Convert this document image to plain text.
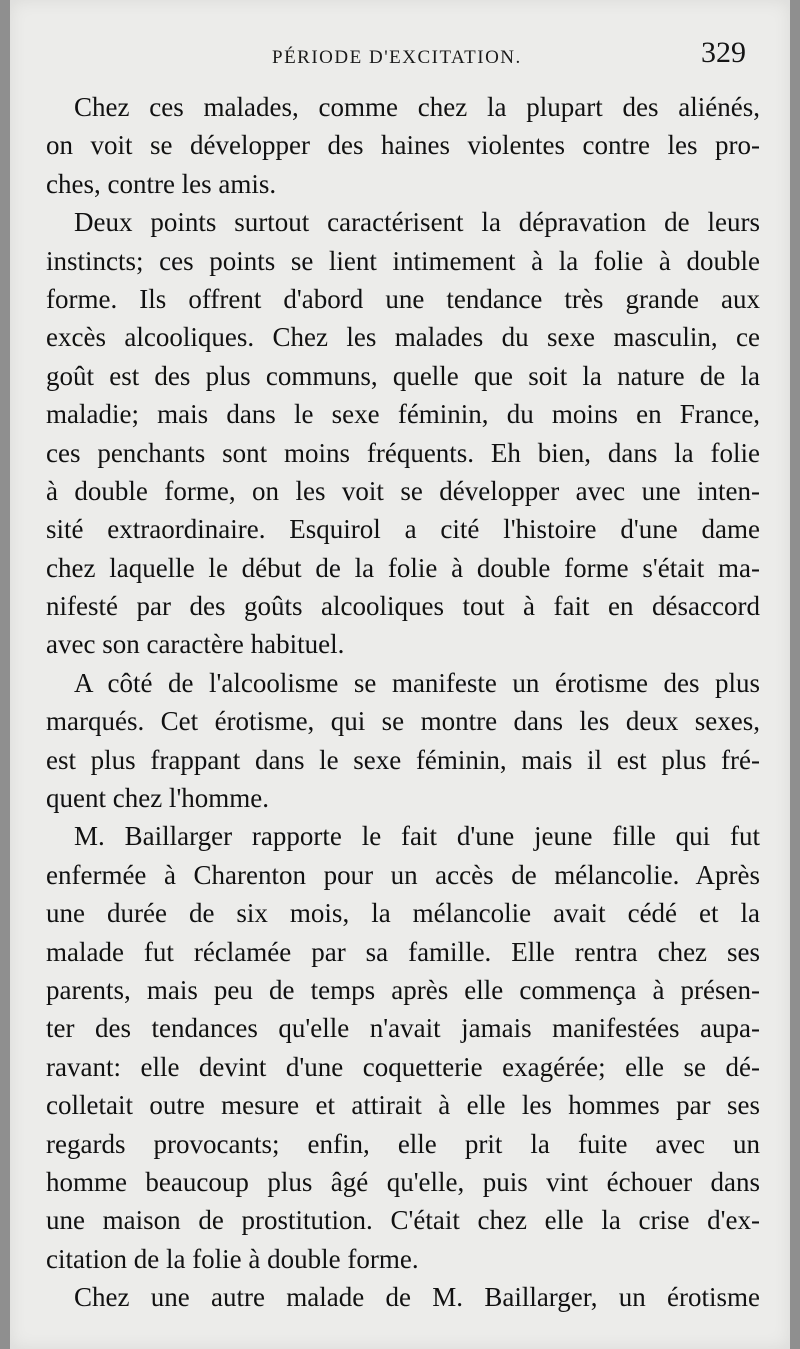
PÉRIODE D'EXCITATION.	329
Chez ces malades, comme chez la plupart des aliénés,
on voit se développer des haines violentes contre les pro-
ches, contre les amis.
Deux points surtout caractérisent la dépravation de leurs
instincts; ces points se lient intimement à la folie à double
forme. Ils offrent d'abord une tendance très grande aux
excès alcooliques. Chez les malades du sexe masculin, ce
goût est des plus communs, quelle que soit la nature de la
maladie; mais dans le sexe féminin, du moins en France,
ces penchants sont moins fréquents. Eh bien, dans la folie
à double forme, on les voit se développer avec une inten-
sité extraordinaire. Esquirol a cité l'histoire d'une dame
chez laquelle le début de la folie à double forme s'était ma-
nifesté par des goûts alcooliques tout à fait en désaccord
avec son caractère habituel.
A côté de l'alcoolisme se manifeste un érotisme des plus
marqués. Cet érotisme, qui se montre dans les deux sexes,
est plus frappant dans le sexe féminin, mais il est plus fré-
quent chez l'homme.
M. Baillarger rapporte le fait d'une jeune fille qui fut
enfermée à Charenton pour un accès de mélancolie. Après
une durée de six mois, la mélancolie avait cédé et la
malade fut réclamée par sa famille. Elle rentra chez ses
parents, mais peu de temps après elle commença à présen-
ter des tendances qu'elle n'avait jamais manifestées aupa-
ravant: elle devint d'une coquetterie exagérée; elle se dé-
colletait outre mesure et attirait à elle les hommes par ses
regards provocants; enfin, elle prit la fuite avec un
homme beaucoup plus âgé qu'elle, puis vint échouer dans
une maison de prostitution. C'était chez elle la crise d'ex-
citation de la folie à double forme.
Chez une autre malade de M. Baillarger, un érotisme
